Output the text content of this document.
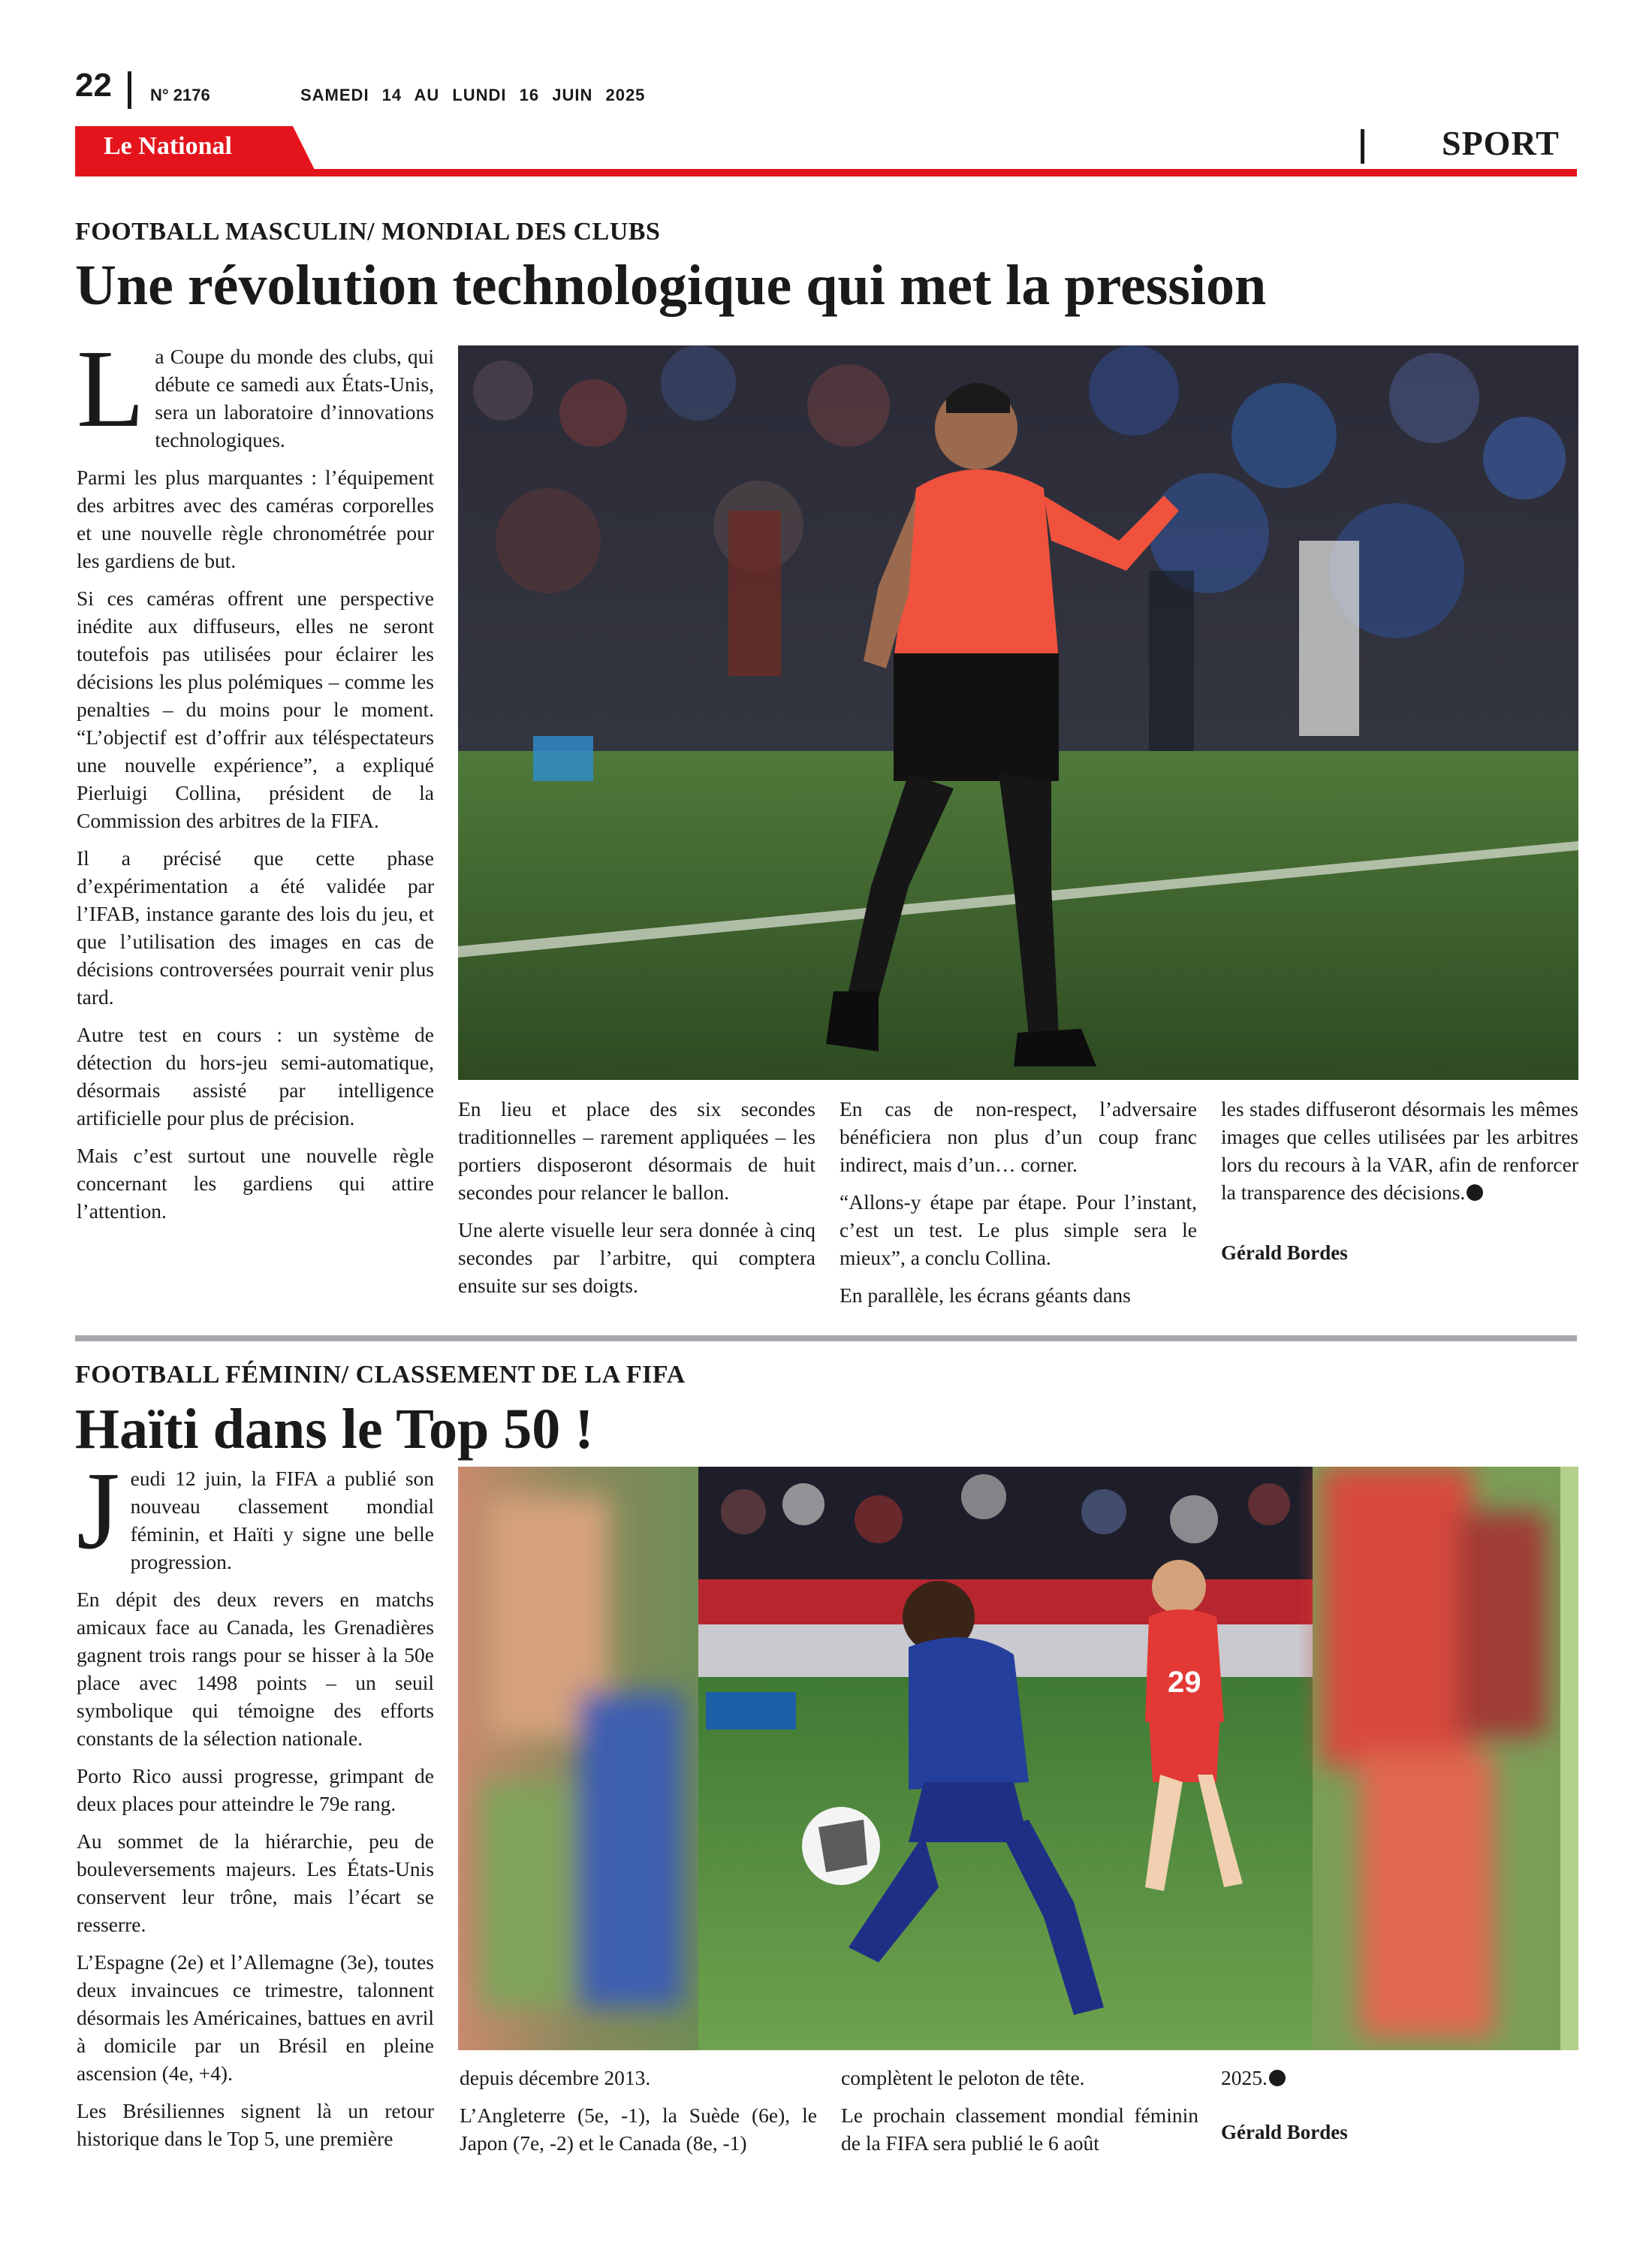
22 N° 2176	SAMEDI 14 AU LUNDI 16 JUIN 2025
Le National	SPORT
FOOTBALL MASCULIN/ MONDIAL DES CLUBS
Une révolution technologique qui met la pression

La Coupe du monde des clubs, qui débute ce samedi aux États-Unis, sera un laboratoire d’innovations technologiques.

Parmi les plus marquantes : l’équipement des arbitres avec des caméras corporelles et une nouvelle règle chronométrée pour les gardiens de but.

Si ces caméras offrent une perspective inédite aux diffuseurs, elles ne seront toutefois pas utilisées pour éclairer les décisions les plus polémiques – comme les penalties – du moins pour le moment. “L’objectif est d’offrir aux téléspectateurs une nouvelle expérience”, a expliqué Pierluigi Collina, président de la Commission des arbitres de la FIFA.

Il a précisé que cette phase d’expérimentation a été validée par l’IFAB, instance garante des lois du jeu, et que l’utilisation des images en cas de décisions controversées pourrait venir plus tard.

Autre test en cours : un système de détection du hors-jeu semi-automatique, désormais assisté par intelligence artificielle pour plus de précision.

Mais c’est surtout une nouvelle règle concernant les gardiens qui attire l’attention.

En lieu et place des six secondes traditionnelles – rarement appliquées – les portiers disposeront désormais de huit secondes pour relancer le ballon.

Une alerte visuelle leur sera donnée à cinq secondes par l’arbitre, qui comptera ensuite sur ses doigts.

En cas de non-respect, l’adversaire bénéficiera non plus d’un coup franc indirect, mais d’un… corner.

“Allons-y étape par étape. Pour l’instant, c’est un test. Le plus simple sera le mieux”, a conclu Collina.

En parallèle, les écrans géants dans

les stades diffuseront désormais les mêmes images que celles utilisées par les arbitres lors du recours à la VAR, afin de renforcer la transparence des décisions.

Gérald Bordes

FOOTBALL FÉMININ/ CLASSEMENT DE LA FIFA
Haïti dans le Top 50 !

Jeudi 12 juin, la FIFA a publié son nouveau classement mondial féminin, et Haïti y signe une belle progression.

En dépit des deux revers en matchs amicaux face au Canada, les Grenadières gagnent trois rangs pour se hisser à la 50e place avec 1498 points – un seuil symbolique qui témoigne des efforts constants de la sélection nationale.

Porto Rico aussi progresse, grimpant de deux places pour atteindre le 79e rang.

Au sommet de la hiérarchie, peu de bouleversements majeurs. Les États-Unis conservent leur trône, mais l’écart se resserre.

L’Espagne (2e) et l’Allemagne (3e), toutes deux invaincues ce trimestre, talonnent désormais les Américaines, battues en avril à domicile par un Brésil en pleine ascension (4e, +4).

Les Brésiliennes signent là un retour historique dans le Top 5, une première

29

depuis décembre 2013.

L’Angleterre (5e, -1), la Suède (6e), le Japon (7e, -2) et le Canada (8e, -1)

complètent le peloton de tête.

Le prochain classement mondial féminin de la FIFA sera publié le 6 août

2025.

Gérald Bordes
